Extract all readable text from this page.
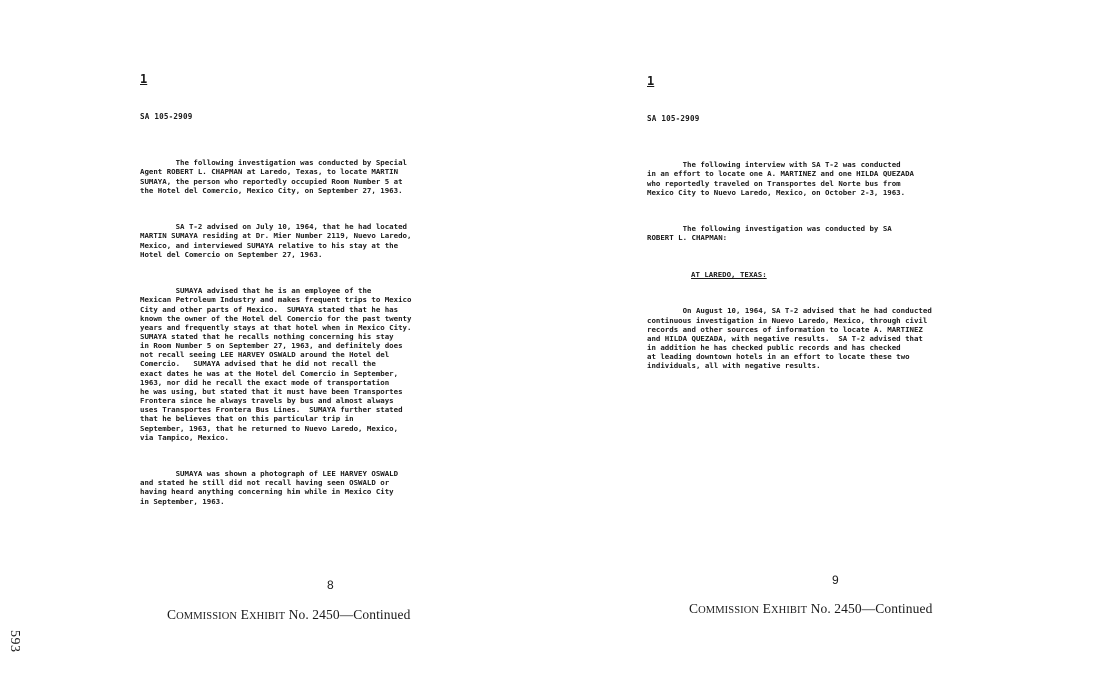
593
1
SA 105-2909

The following investigation was conducted by Special
Agent ROBERT L. CHAPMAN at Laredo, Texas, to locate MARTIN
SUMAYA, the person who reportedly occupied Room Number 5 at
the Hotel del Comercio, Mexico City, on September 27, 1963.

SA T-2 advised on July 10, 1964, that he had located
MARTIN SUMAYA residing at Dr. Mier Number 2119, Nuevo Laredo,
Mexico, and interviewed SUMAYA relative to his stay at the
Hotel del Comercio on September 27, 1963.

SUMAYA advised that he is an employee of the
Mexican Petroleum Industry and makes frequent trips to Mexico
City and other parts of Mexico.  SUMAYA stated that he has
known the owner of the Hotel del Comercio for the past twenty
years and frequently stays at that hotel when in Mexico City.
SUMAYA stated that he recalls nothing concerning his stay
in Room Number 5 on September 27, 1963, and definitely does
not recall seeing LEE HARVEY OSWALD around the Hotel del
Comercio.   SUMAYA advised that he did not recall the
exact dates he was at the Hotel del Comercio in September,
1963, nor did he recall the exact mode of transportation
he was using, but stated that it must have been Transportes
Frontera since he always travels by bus and almost always
uses Transportes Frontera Bus Lines.  SUMAYA further stated
that he believes that on this particular trip in
September, 1963, that he returned to Nuevo Laredo, Mexico,
via Tampico, Mexico.

SUMAYA was shown a photograph of LEE HARVEY OSWALD
and stated he still did not recall having seen OSWALD or
having heard anything concerning him while in Mexico City
in September, 1963.

8
COMMISSION EXHIBIT No. 2450—Continued
1
SA 105-2909

The following interview with SA T-2 was conducted
in an effort to locate one A. MARTINEZ and one HILDA QUEZADA
who reportedly traveled on Transportes del Norte bus from
Mexico City to Nuevo Laredo, Mexico, on October 2-3, 1963.

The following investigation was conducted by SA
ROBERT L. CHAPMAN:

AT LAREDO, TEXAS:

On August 10, 1964, SA T-2 advised that he had conducted
continuous investigation in Nuevo Laredo, Mexico, through civil
records and other sources of information to locate A. MARTINEZ
and HILDA QUEZADA, with negative results.  SA T-2 advised that
in addition he has checked public records and has checked
at leading downtown hotels in an effort to locate these two
individuals, all with negative results.

9
COMMISSION EXHIBIT No. 2450—Continued
